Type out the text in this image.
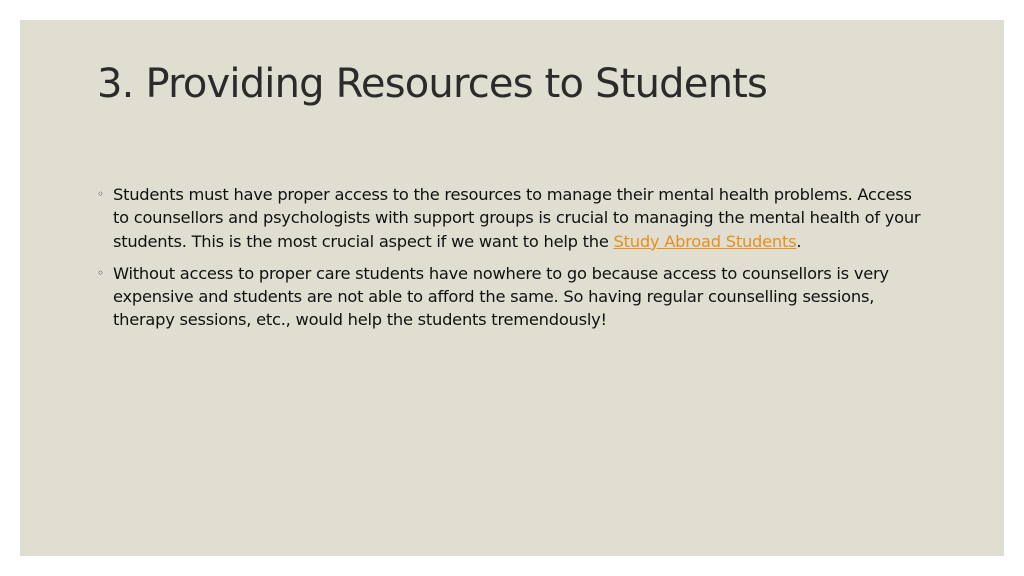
3. Providing Resources to Students
◦ Students must have proper access to the resources to manage their mental health problems. Access to counsellors and psychologists with support groups is crucial to managing the mental health of your students. This is the most crucial aspect if we want to help the Study Abroad Students.
◦ Without access to proper care students have nowhere to go because access to counsellors is very expensive and students are not able to afford the same. So having regular counselling sessions, therapy sessions, etc., would help the students tremendously!
